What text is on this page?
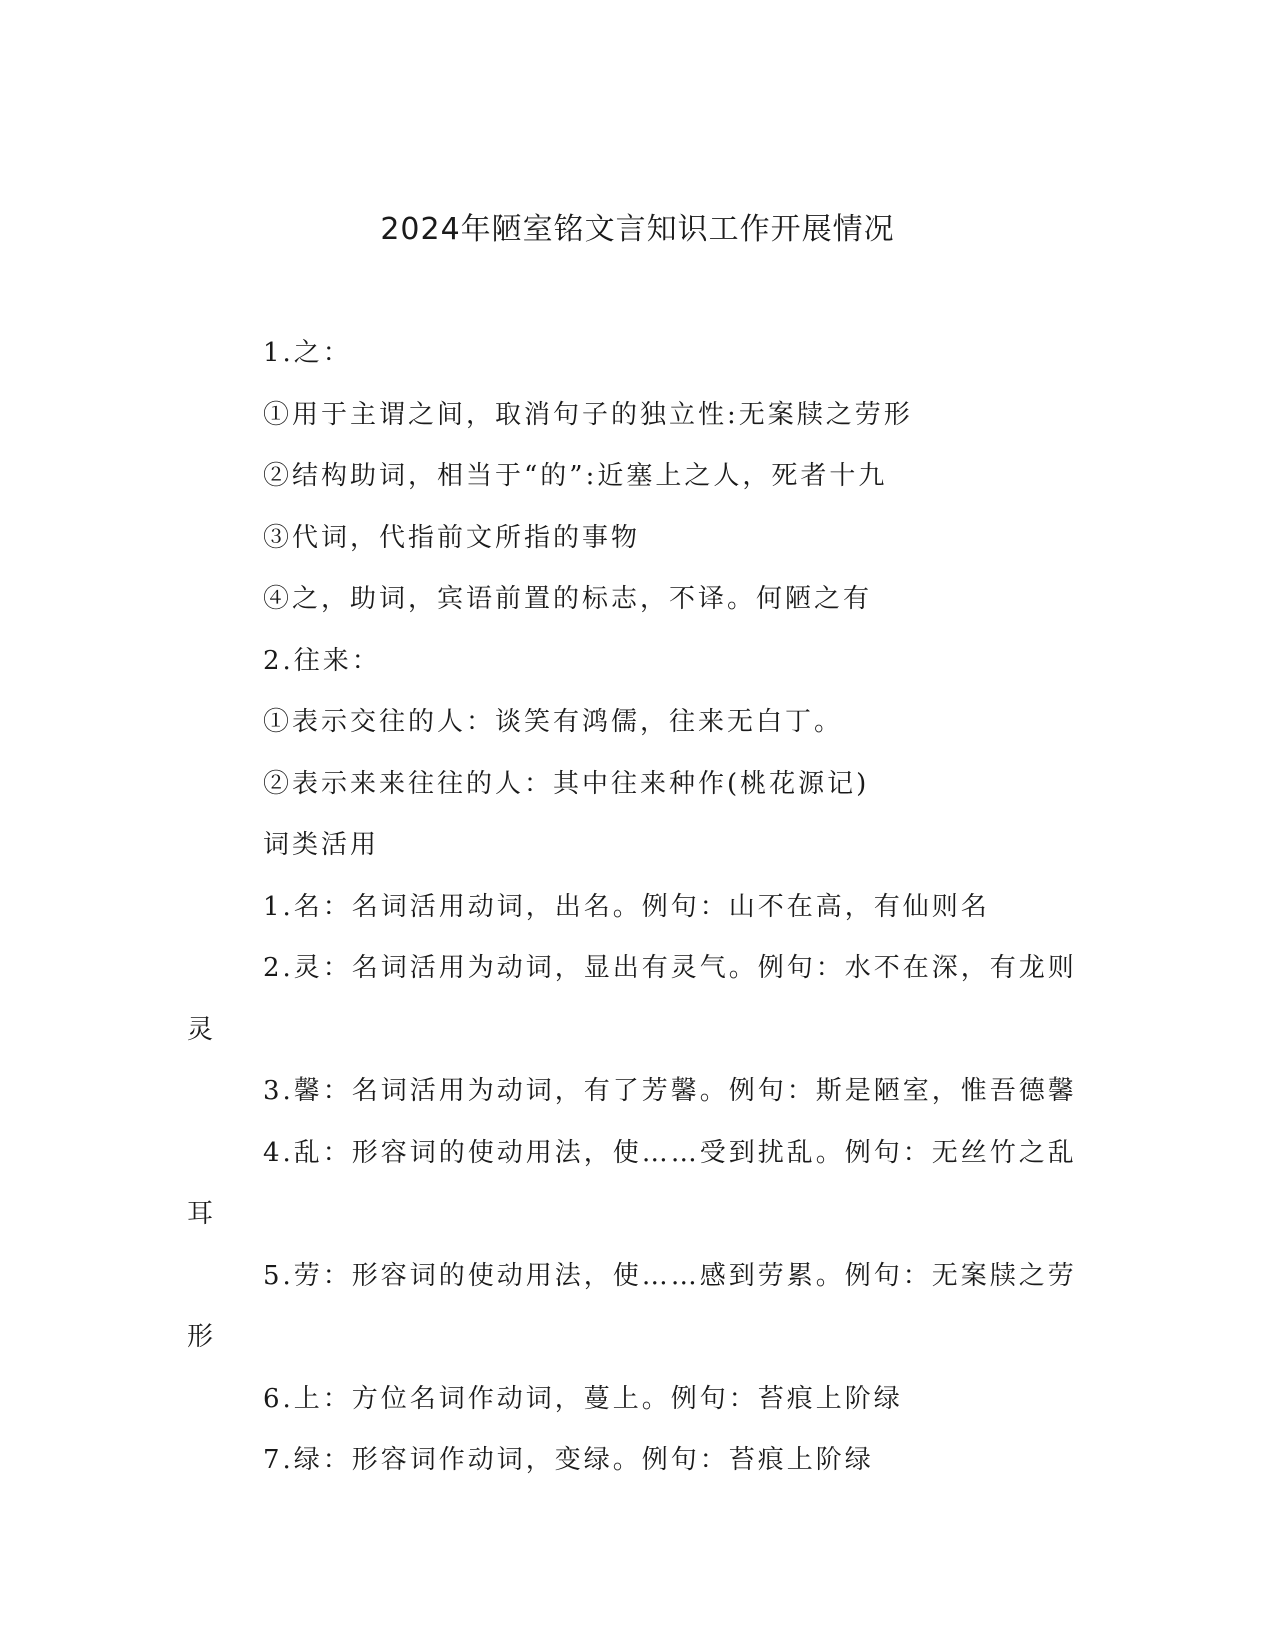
2024年陋室铭文言知识工作开展情况
1.之：
①用于主谓之间，取消句子的独立性:无案牍之劳形
②结构助词，相当于“的”:近塞上之人，死者十九
③代词，代指前文所指的事物
④之，助词，宾语前置的标志，不译。何陋之有
2.往来：
①表示交往的人：谈笑有鸿儒，往来无白丁。
②表示来来往往的人：其中往来种作(桃花源记)
词类活用
1.名：名词活用动词，出名。例句：山不在高，有仙则名
2.灵：名词活用为动词，显出有灵气。例句：水不在深，有龙则
灵
3.馨：名词活用为动词，有了芳馨。例句：斯是陋室，惟吾德馨
4.乱：形容词的使动用法，使……受到扰乱。例句：无丝竹之乱
耳
5.劳：形容词的使动用法，使……感到劳累。例句：无案牍之劳
形
6.上：方位名词作动词，蔓上。例句：苔痕上阶绿
7.绿：形容词作动词，变绿。例句：苔痕上阶绿
